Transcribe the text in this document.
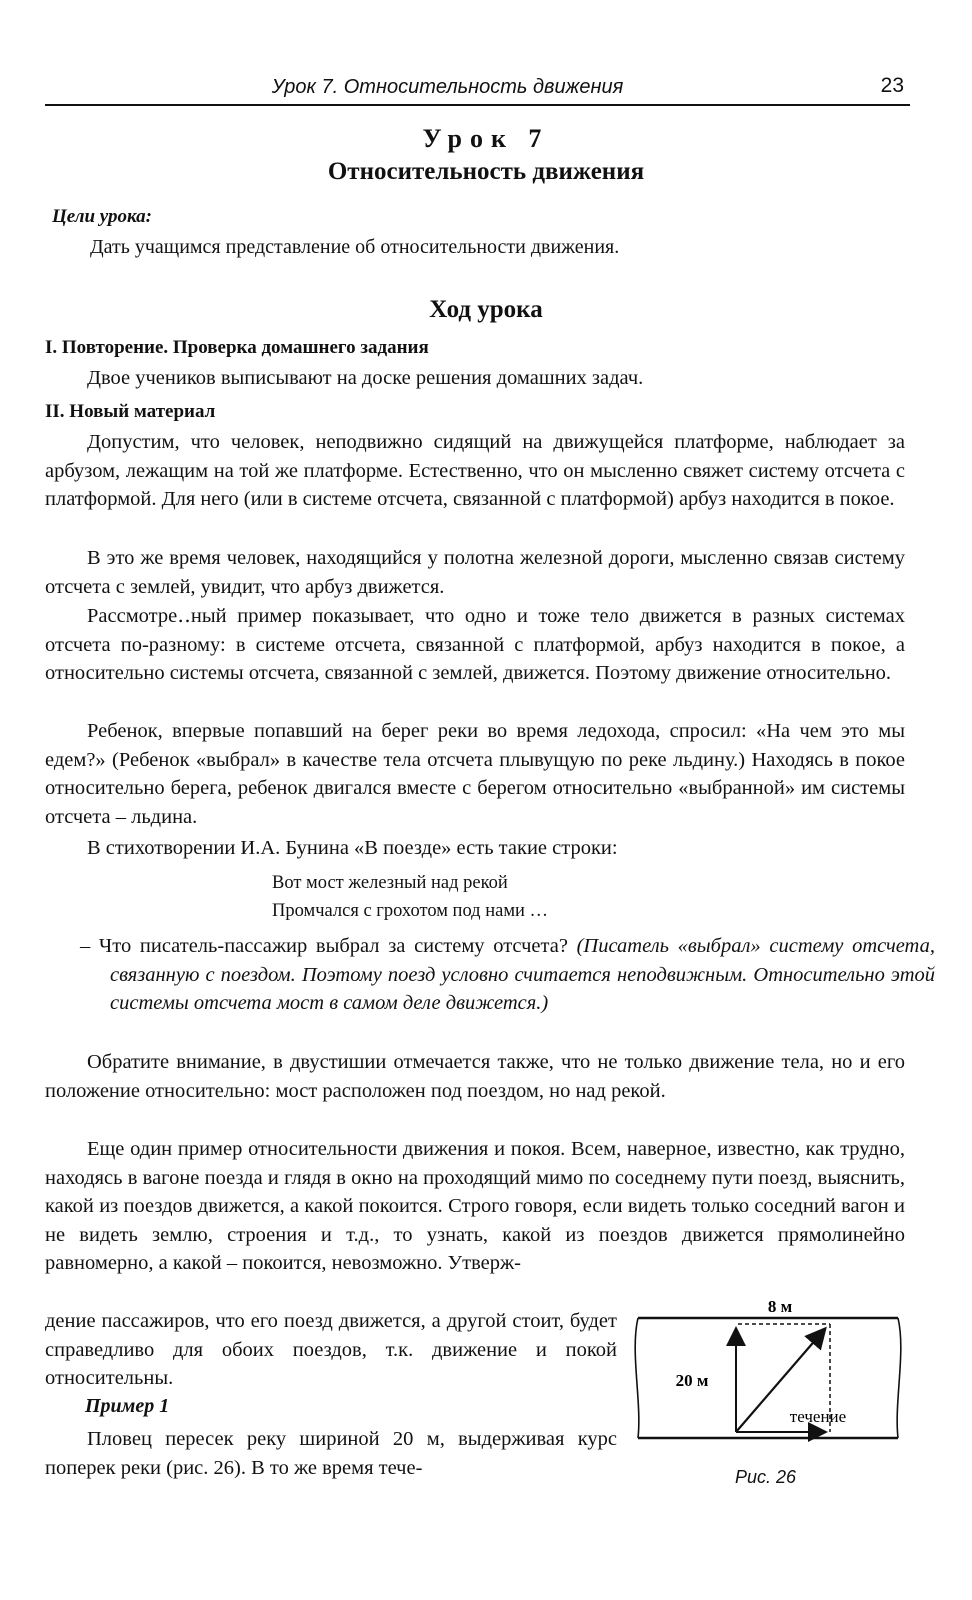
Урок 7. Относительность движения	23
Урок 7
Относительность движения
Цели урока:
Дать учащимся представление об относительности движения.
Ход урока
I. Повторение. Проверка домашнего задания

Двое учеников выписывают на доске решения домашних задач.

II. Новый материал

Допустим, что человек, неподвижно сидящий на движущейся платформе, наблюдает за арбузом, лежащим на той же платформе. Естественно, что он мысленно свяжет систему отсчета с платформой. Для него (или в системе отсчета, связанной с платформой) арбуз находится в покое.

В это же время человек, находящийся у полотна железной дороги, мысленно связав систему отсчета с землей, увидит, что арбуз движется.

Рассмотре‥ный пример показывает, что одно и тоже тело движется в разных системах отсчета по-разному: в системе отсчета, связанной с платформой, арбуз находится в покое, а относительно системы отсчета, связанной с землей, движется. Поэтому движение относительно.

Ребенок, впервые попавший на берег реки во время ледохода, спросил: «На чем это мы едем?» (Ребенок «выбрал» в качестве тела отсчета плывущую по реке льдину.) Находясь в покое относительно берега, ребенок двигался вместе с берегом относительно «выбранной» им системы отсчета – льдина.

В стихотворении И.А. Бунина «В поезде» есть такие строки:

Вот мост железный над рекой
Промчался с грохотом под нами …

– Что писатель-пассажир выбрал за систему отсчета? (Писатель «выбрал» систему отсчета, связанную с поездом. Поэтому поезд условно считается неподвижным. Относительно этой системы отсчета мост в самом деле движется.)

Обратите внимание, в двустишии отмечается также, что не только движение тела, но и его положение относительно: мост расположен под поездом, но над рекой.

Еще один пример относительности движения и покоя. Всем, наверное, известно, как трудно, находясь в вагоне поезда и глядя в окно на проходящий мимо по соседнему пути поезд, выяснить, какой из поездов движется, а какой покоится. Строго говоря, если видеть только соседний вагон и не видеть землю, строения и т.д., то узнать, какой из поездов движется прямолинейно равномерно, а какой – покоится, невозможно. Утверж-

дение пассажиров, что его поезд движется, а другой стоит, будет справедливо для обоих поездов, т.к. движение и покой относительны.

Пример 1

Пловец пересек реку шириной 20 м, выдерживая курс поперек реки (рис. 26). В то же время тече-

8 м
20 м
течение
Рис. 26
